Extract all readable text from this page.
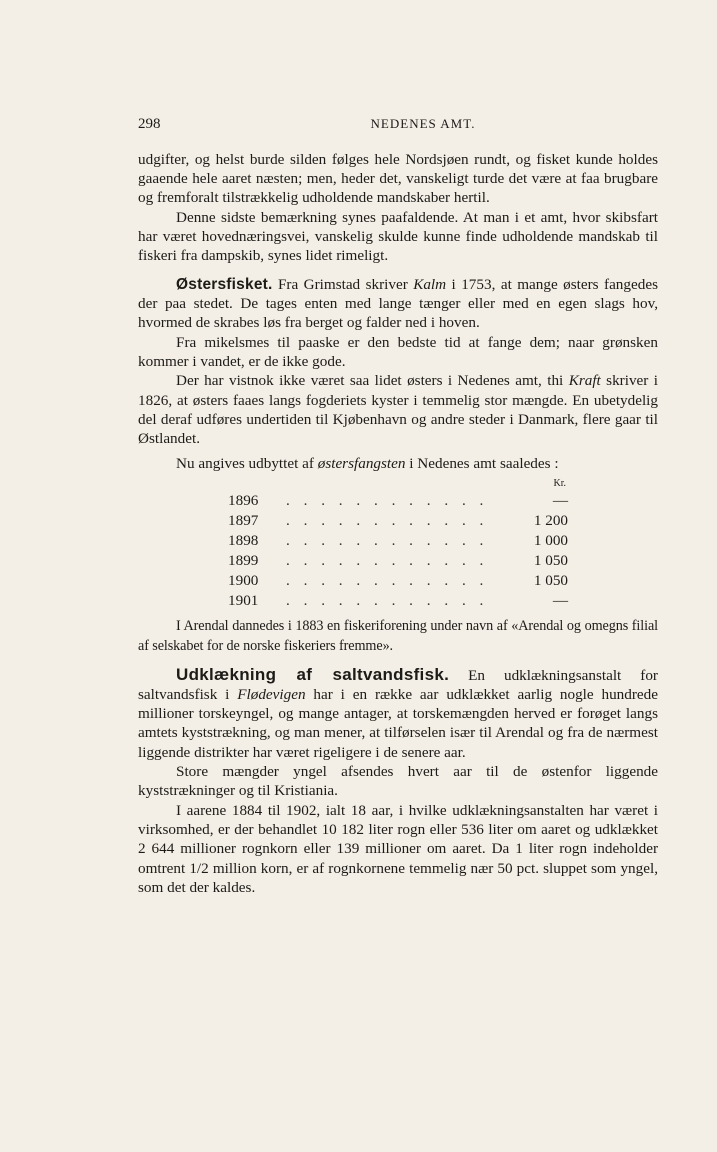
298	NEDENES AMT.

udgifter, og helst burde silden følges hele Nordsjøen rundt, og fisket kunde holdes gaaende hele aaret næsten; men, heder det, vanskeligt turde det være at faa brugbare og fremforalt tilstrækkelig udholdende mandskaber hertil.

Denne sidste bemærkning synes paafaldende. At man i et amt, hvor skibsfart har været hovednæringsvei, vanskelig skulde kunne finde udholdende mandskab til fiskeri fra dampskib, synes lidet rimeligt.

Østersfisket. Fra Grimstad skriver Kalm i 1753, at mange østers fangedes der paa stedet. De tages enten med lange tænger eller med en egen slags hov, hvormed de skrabes løs fra berget og falder ned i hoven.

Fra mikelsmes til paaske er den bedste tid at fange dem; naar grønsken kommer i vandet, er de ikke gode.

Der har vistnok ikke været saa lidet østers i Nedenes amt, thi Kraft skriver i 1826, at østers faaes langs fogderiets kyster i temmelig stor mængde. En ubetydelig del deraf udføres undertiden til Kjøbenhavn og andre steder i Danmark, flere gaar til Østlandet.

Nu angives udbyttet af østersfangsten i Nedenes amt saaledes :

Kr.
1896	. . . . . . . . . . . .	—
1897	. . . . . . . . . . . .	1 200
1898	. . . . . . . . . . . .	1 000
1899	. . . . . . . . . . . .	1 050
1900	. . . . . . . . . . . .	1 050
1901	. . . . . . . . . . . .	—

I Arendal dannedes i 1883 en fiskeriforening under navn af «Arendal og omegns filial af selskabet for de norske fiskeriers fremme».

Udklækning af saltvandsfisk. En udklækningsanstalt for saltvandsfisk i Flødevigen har i en række aar udklækket aarlig nogle hundrede millioner torskeyngel, og mange antager, at torskemængden herved er forøget langs amtets kyststrækning, og man mener, at tilførselen især til Arendal og fra de nærmest liggende distrikter har været rigeligere i de senere aar.

Store mængder yngel afsendes hvert aar til de østenfor liggende kyststrækninger og til Kristiania.

I aarene 1884 til 1902, ialt 18 aar, i hvilke udklækningsanstalten har været i virksomhed, er der behandlet 10 182 liter rogn eller 536 liter om aaret og udklækket 2 644 millioner rognkorn eller 139 millioner om aaret. Da 1 liter rogn indeholder omtrent 1/2 million korn, er af rognkornene temmelig nær 50 pct. sluppet som yngel, som det der kaldes.
